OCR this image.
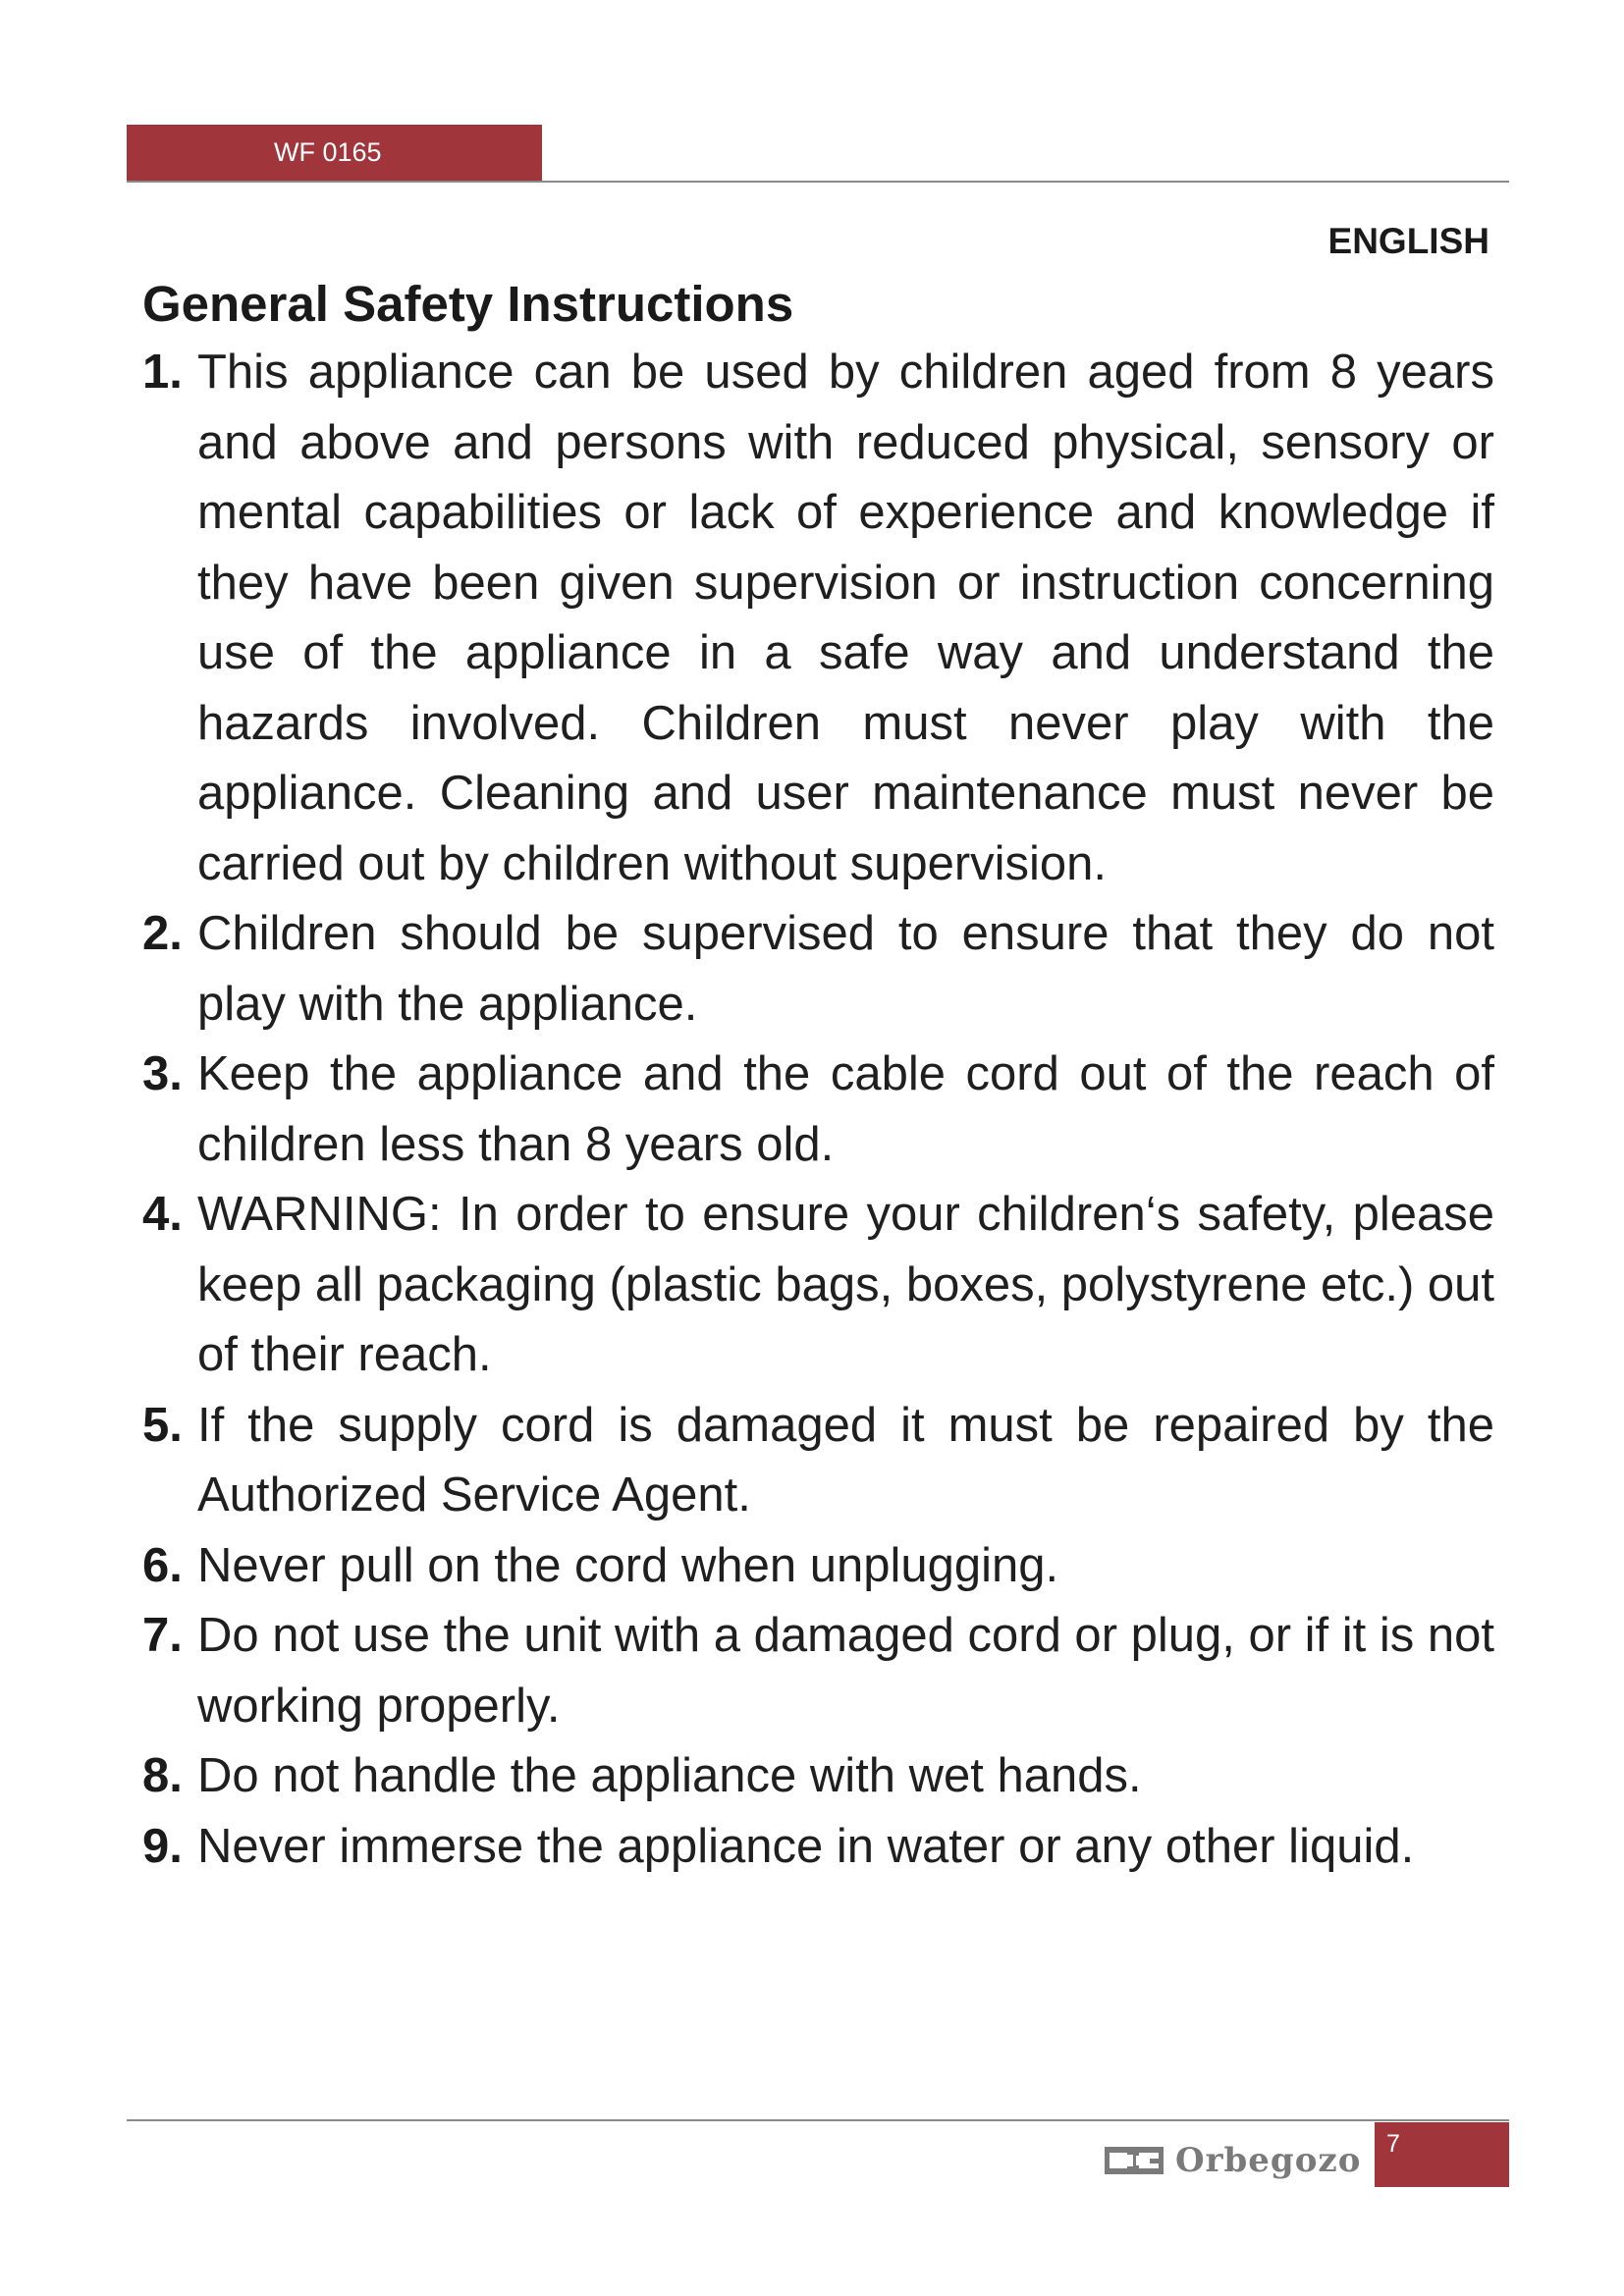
WF 0165
ENGLISH
General Safety Instructions
1. This appliance can be used by children aged from 8 years and above and persons with reduced physical, sensory or mental capabilities or lack of experience and knowledge if they have been given supervision or instruction concerning use of the appliance in a safe way and understand the hazards involved. Children must never play with the appliance. Cleaning and user maintenance must never be carried out by children without supervision.
2. Children should be supervised to ensure that they do not play with the appliance.
3. Keep the appliance and the cable cord out of the reach of children less than 8 years old.
4. WARNING: In order to ensure your children‘s safety, please keep all packaging (plastic bags, boxes, polystyrene etc.) out of their reach.
5. If the supply cord is damaged it must be repaired by the Authorized Service Agent.
6. Never pull on the cord when unplugging.
7. Do not use the unit with a damaged cord or plug, or if it is not working properly.
8. Do not handle the appliance with wet hands.
9. Never immerse the appliance in water or any other liquid.
Orbegozo	7
